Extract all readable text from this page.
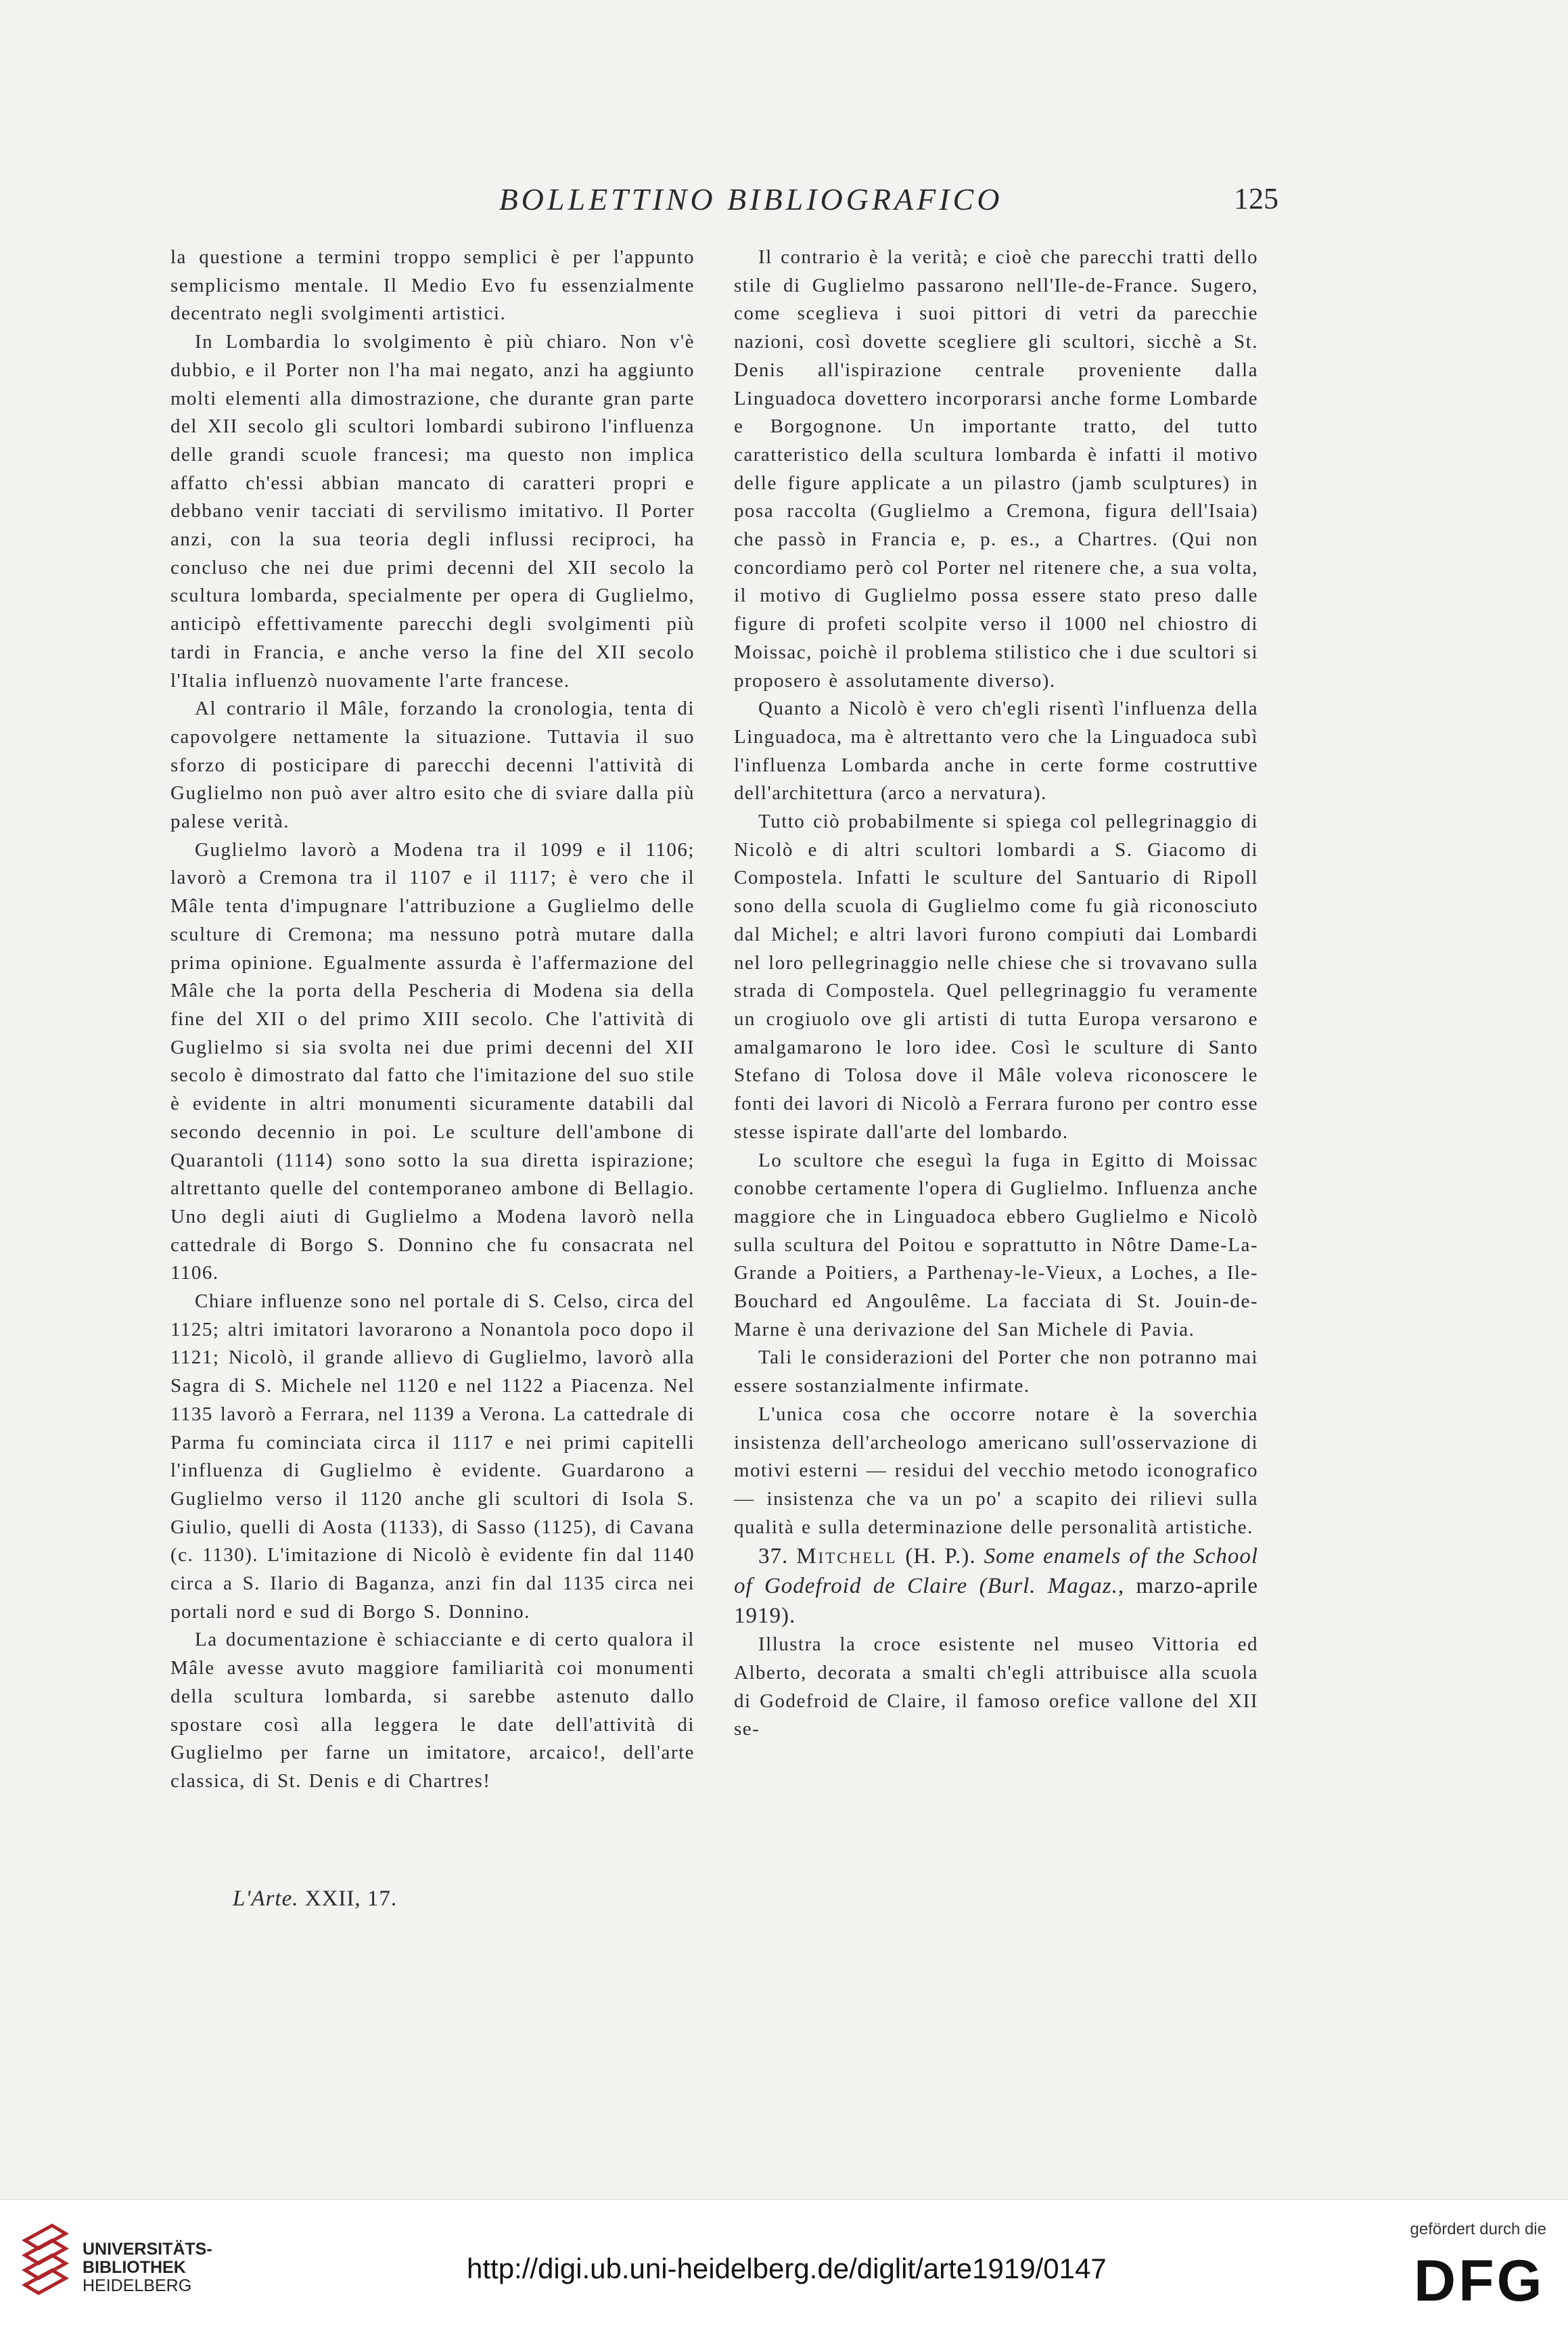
BOLLETTINO BIBLIOGRAFICO	125

la questione a termini troppo semplici è per l'appunto semplicismo mentale. Il Medio Evo fu essenzialmente decentrato negli svolgimenti artistici.

In Lombardia lo svolgimento è più chiaro. Non v'è dubbio, e il Porter non l'ha mai negato, anzi ha aggiunto molti elementi alla dimostrazione, che durante gran parte del XII secolo gli scultori lombardi subirono l'influenza delle grandi scuole francesi; ma questo non implica affatto ch'essi abbian mancato di caratteri propri e debbano venir tacciati di servilismo imitativo. Il Porter anzi, con la sua teoria degli influssi reciproci, ha concluso che nei due primi decenni del XII secolo la scultura lombarda, specialmente per opera di Guglielmo, anticipò effettivamente parecchi degli svolgimenti più tardi in Francia, e anche verso la fine del XII secolo l'Italia influenzò nuovamente l'arte francese.

Al contrario il Mâle, forzando la cronologia, tenta di capovolgere nettamente la situazione. Tuttavia il suo sforzo di posticipare di parecchi decenni l'attività di Guglielmo non può aver altro esito che di sviare dalla più palese verità.

Guglielmo lavorò a Modena tra il 1099 e il 1106; lavorò a Cremona tra il 1107 e il 1117; è vero che il Mâle tenta d'impugnare l'attribuzione a Guglielmo delle sculture di Cremona; ma nessuno potrà mutare dalla prima opinione. Egualmente assurda è l'affermazione del Mâle che la porta della Pescheria di Modena sia della fine del XII o del primo XIII secolo. Che l'attività di Guglielmo si sia svolta nei due primi decenni del XII secolo è dimostrato dal fatto che l'imitazione del suo stile è evidente in altri monumenti sicuramente databili dal secondo decennio in poi. Le sculture dell'ambone di Quarantoli (1114) sono sotto la sua diretta ispirazione; altrettanto quelle del contemporaneo ambone di Bellagio. Uno degli aiuti di Guglielmo a Modena lavorò nella cattedrale di Borgo S. Donnino che fu consacrata nel 1106.

Chiare influenze sono nel portale di S. Celso, circa del 1125; altri imitatori lavorarono a Nonantola poco dopo il 1121; Nicolò, il grande allievo di Guglielmo, lavorò alla Sagra di S. Michele nel 1120 e nel 1122 a Piacenza. Nel 1135 lavorò a Ferrara, nel 1139 a Verona. La cattedrale di Parma fu cominciata circa il 1117 e nei primi capitelli l'influenza di Guglielmo è evidente. Guardarono a Guglielmo verso il 1120 anche gli scultori di Isola S. Giulio, quelli di Aosta (1133), di Sasso (1125), di Cavana (c. 1130). L'imitazione di Nicolò è evidente fin dal 1140 circa a S. Ilario di Baganza, anzi fin dal 1135 circa nei portali nord e sud di Borgo S. Donnino.

La documentazione è schiacciante e di certo qualora il Mâle avesse avuto maggiore familiarità coi monumenti della scultura lombarda, si sarebbe astenuto dallo spostare così alla leggera le date dell'attività di Guglielmo per farne un imitatore, arcaico!, dell'arte classica, di St. Denis e di Chartres!

Il contrario è la verità; e cioè che parecchi tratti dello stile di Guglielmo passarono nell'Ile-de-France. Sugero, come sceglieva i suoi pittori di vetri da parecchie nazioni, così dovette scegliere gli scultori, sicchè a St. Denis all'ispirazione centrale proveniente dalla Linguadoca dovettero incorporarsi anche forme Lombarde e Borgognone. Un importante tratto, del tutto caratteristico della scultura lombarda è infatti il motivo delle figure applicate a un pilastro (jamb sculptures) in posa raccolta (Guglielmo a Cremona, figura dell'Isaia) che passò in Francia e, p. es., a Chartres. (Qui non concordiamo però col Porter nel ritenere che, a sua volta, il motivo di Guglielmo possa essere stato preso dalle figure di profeti scolpite verso il 1000 nel chiostro di Moissac, poichè il problema stilistico che i due scultori si proposero è assolutamente diverso).

Quanto a Nicolò è vero ch'egli risentì l'influenza della Linguadoca, ma è altrettanto vero che la Linguadoca subì l'influenza Lombarda anche in certe forme costruttive dell'architettura (arco a nervatura).

Tutto ciò probabilmente si spiega col pellegrinaggio di Nicolò e di altri scultori lombardi a S. Giacomo di Compostela. Infatti le sculture del Santuario di Ripoll sono della scuola di Guglielmo come fu già riconosciuto dal Michel; e altri lavori furono compiuti dai Lombardi nel loro pellegrinaggio nelle chiese che si trovavano sulla strada di Compostela. Quel pellegrinaggio fu veramente un crogiuolo ove gli artisti di tutta Europa versarono e amalgamarono le loro idee. Così le sculture di Santo Stefano di Tolosa dove il Mâle voleva riconoscere le fonti dei lavori di Nicolò a Ferrara furono per contro esse stesse ispirate dall'arte del lombardo.

Lo scultore che eseguì la fuga in Egitto di Moissac conobbe certamente l'opera di Guglielmo. Influenza anche maggiore che in Linguadoca ebbero Guglielmo e Nicolò sulla scultura del Poitou e soprattutto in Nôtre Dame-La-Grande a Poitiers, a Parthenay-le-Vieux, a Loches, a Ile-Bouchard ed Angoulême. La facciata di St. Jouin-de-Marne è una derivazione del San Michele di Pavia.

Tali le considerazioni del Porter che non potranno mai essere sostanzialmente infirmate.

L'unica cosa che occorre notare è la soverchia insistenza dell'archeologo americano sull'osservazione di motivi esterni — residui del vecchio metodo iconografico — insistenza che va un po' a scapito dei rilievi sulla qualità e sulla determinazione delle personalità artistiche.

37. Mitchell (H. P.). Some enamels of the School of Godefroid de Claire (Burl. Magaz., marzo-aprile 1919).

Illustra la croce esistente nel museo Vittoria ed Alberto, decorata a smalti ch'egli attribuisce alla scuola di Godefroid de Claire, il famoso orefice vallone del XII se-

L'Arte. XXII, 17.
UNIVERSITÄTS-
BIBLIOTHEK
HEIDELBERG
http://digi.ub.uni-heidelberg.de/diglit/arte1919/0147
gefördert durch die
DFG
